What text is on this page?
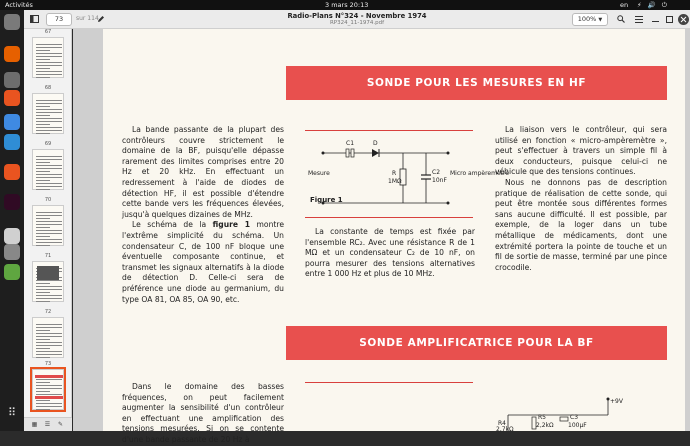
Activités	3 mars 20:13	en ⚡ 🔊 ⏻
⠿
73	sur 114	Radio-Plans N°324 - Novembre 1974
RP324_11-1974.pdf	100% ▼
67
68
69
70
71
72
73
▦ ☰	✎
SONDE POUR LES MESURES EN HF

La bande passante de la plupart des contrôleurs couvre strictement le domaine de la BF, puisqu'elle dépasse rarement des limites comprises entre 20 Hz et 20 kHz. En effectuant un redressement à l'aide de diodes de détection HF, il est possible d'étendre cette bande vers les fréquences élevées, jusqu'à quelques dizaines de MHz.

Le schéma de la figure 1 montre l'extrême simplicité du schéma. Un condensateur C, de 100 nF bloque une éventuelle composante continue, et transmet les signaux alternatifs à la diode de détection D. Celle-ci sera de préférence une diode au germanium, du type OA 81, OA 85, OA 90, etc.

C1	D
R
1MΩ
C2
10nF
Mesure	Micro ampèremètre
Figure 1

La constante de temps est fixée par l'ensemble RC₂. Avec une résistance R de 1 MΩ et un condensateur C₂ de 10 nF, on pourra mesurer des tensions alternatives entre 1 000 Hz et plus de 10 MHz.

La liaison vers le contrôleur, qui sera utilisé en fonction « micro-ampèremètre », peut s'effectuer à travers un simple fil à deux conducteurs, puisque celui-ci ne véhicule que des tensions continues.

Nous ne donnons pas de description pratique de réalisation de cette sonde, qui peut être montée sous différentes formes sans aucune difficulté. Il est possible, par exemple, de la loger dans un tube métallique de médicaments, dont une extrémité portera la pointe de touche et un fil de sortie de masse, terminé par une pince crocodile.

SONDE AMPLIFICATRICE POUR LA BF

Dans le domaine des basses fréquences, on peut facilement augmenter la sensibilité d'un contrôleur en effectuant une amplification des tensions mesurées. Si on se contente d'une bande passante de 20 Hz à

R4
2,7kΩ
R5
2,2kΩ
C3
100µF
+9V
